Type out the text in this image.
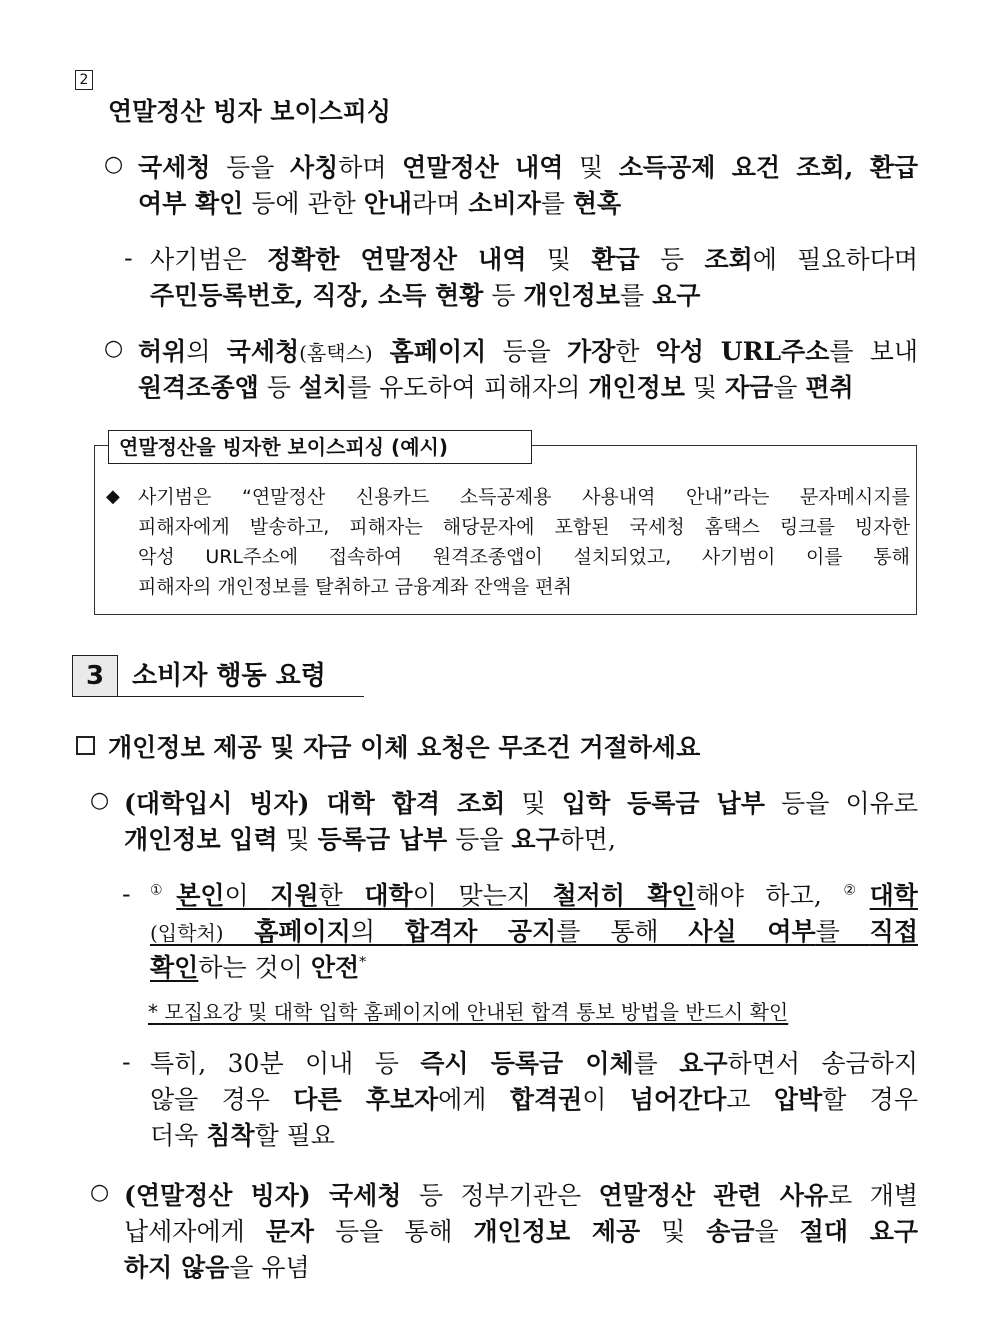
2
연말정산 빙자 보이스피싱
○ 국세청 등을 사칭하며 연말정산 내역 및 소득공제 요건 조회, 환급
여부 확인 등에 관한 안내라며 소비자를 현혹
- 사기범은 정확한 연말정산 내역 및 환급 등 조회에 필요하다며
주민등록번호, 직장, 소득 현황 등 개인정보를 요구
○ 허위의 국세청(홈택스) 홈페이지 등을 가장한 악성 URL주소를 보내
원격조종앱 등 설치를 유도하여 피해자의 개인정보 및 자금을 편취
연말정산을 빙자한 보이스피싱 (예시)
◆ 사기범은 “연말정산 신용카드 소득공제용 사용내역 안내”라는 문자메시지를
피해자에게 발송하고, 피해자는 해당문자에 포함된 국세청 홈택스 링크를 빙자한
악성 URL주소에 접속하여 원격조종앱이 설치되었고, 사기범이 이를 통해
피해자의 개인정보를 탈취하고 금융계좌 잔액을 편취
3	소비자 행동 요령
개인정보 제공 및 자금 이체 요청은 무조건 거절하세요
○ (대학입시 빙자) 대학 합격 조회 및 입학 등록금 납부 등을 이유로
개인정보 입력 및 등록금 납부 등을 요구하면,
- ①본인이 지원한 대학이 맞는지 철저히 확인해야 하고, ②대학
(입학처) 홈페이지의 합격자 공지를 통해 사실 여부를 직접
확인하는 것이 안전*
* 모집요강 및 대학 입학 홈페이지에 안내된 합격 통보 방법을 반드시 확인
- 특히, 30분 이내 등 즉시 등록금 이체를 요구하면서 송금하지
않을 경우 다른 후보자에게 합격권이 넘어간다고 압박할 경우
더욱 침착할 필요
○ (연말정산 빙자) 국세청 등 정부기관은 연말정산 관련 사유로 개별
납세자에게 문자 등을 통해 개인정보 제공 및 송금을 절대 요구
하지 않음을 유념
